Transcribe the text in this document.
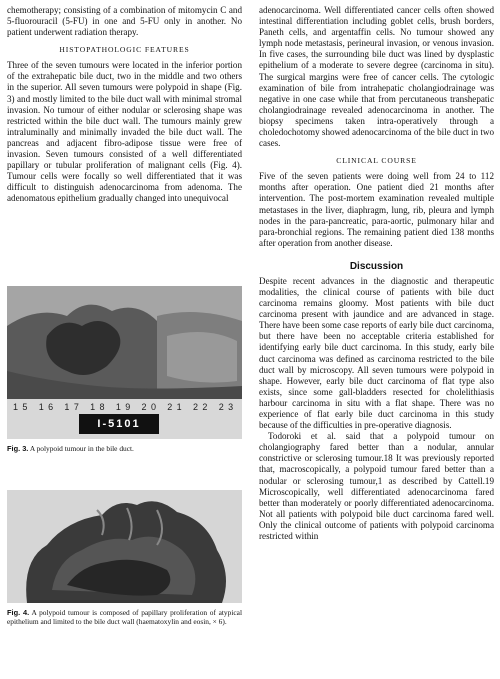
chemotherapy; consisting of a combination of mitomycin C and 5-fluorouracil (5-FU) in one and 5-FU only in another. No patient underwent radiation therapy.

HISTOPATHOLOGIC FEATURES

Three of the seven tumours were located in the inferior portion of the extrahepatic bile duct, two in the middle and two others in the superior. All seven tumours were polypoid in shape (Fig. 3) and mostly limited to the bile duct wall with minimal stromal invasion. No tumour of either nodular or sclerosing shape was restricted within the bile duct wall. The tumours mainly grew intraluminally and minimally invaded the bile duct wall. The pancreas and adjacent fibro-adipose tissue were free of invasion. Seven tumours consisted of a well differentiated papillary or tubular proliferation of malignant cells (Fig. 4). Tumour cells were focally so well differentiated that it was difficult to distinguish adenocarcinoma from adenoma. The adenomatous epithelium gradually changed into unequivocal

15 16 17 18 19 20 21 22 23
I-5101
Fig. 3. A polypoid tumour in the bile duct.
Fig. 4. A polypoid tumour is composed of papillary proliferation of atypical epithelium and limited to the bile duct wall (haematoxylin and eosin, × 6).

adenocarcinoma. Well differentiated cancer cells often showed intestinal differentiation including goblet cells, brush borders, Paneth cells, and argentaffin cells. No tumour showed any lymph node metastasis, perineural invasion, or venous invasion. In five cases, the surrounding bile duct was lined by dysplastic epithelium of a moderate to severe degree (carcinoma in situ). The surgical margins were free of cancer cells. The cytologic examination of bile from intrahepatic cholangiodrainage was negative in one case while that from percutaneous transhepatic cholangiodrainage revealed adenocarcinoma in another. The biopsy specimens taken intra-operatively through a choledochotomy showed adenocarcinoma of the bile duct in two cases.

CLINICAL COURSE

Five of the seven patients were doing well from 24 to 112 months after operation. One patient died 21 months after intervention. The post-mortem examination revealed multiple metastases in the liver, diaphragm, lung, rib, pleura and lymph nodes in the para-pancreatic, para-aortic, pulmonary hilar and para-bronchial regions. The remaining patient died 138 months after operation from another disease.

Discussion

Despite recent advances in the diagnostic and therapeutic modalities, the clinical course of patients with bile duct carcinoma remains gloomy. Most patients with bile duct carcinoma present with jaundice and are advanced in stage. There have been some case reports of early bile duct carcinoma, but there have been no acceptable criteria established for identifying early bile duct carcinoma. In this study, early bile duct carcinoma was defined as carcinoma restricted to the bile duct wall by microscopy. All seven tumours were polypoid in shape. However, early bile duct carcinoma of flat type also exists, since some gall-bladders resected for cholelithiasis harbour carcinoma in situ with a flat shape. There was no experience of flat early bile duct carcinoma in this study because of the difficulties in pre-operative diagnosis.

Todoroki et al. said that a polypoid tumour on cholangiography fared better than a nodular, annular constrictive or sclerosing tumour.18 It was previously reported that, macroscopically, a polypoid tumour fared better than a nodular or sclerosing tumour,1 as described by Cattell.19 Microscopically, well differentiated adenocarcinoma fared better than moderately or poorly differentiated adenocarcinoma. Not all patients with polypoid bile duct carcinoma fared well. Only the clinical outcome of patients with polypoid carcinoma restricted within
